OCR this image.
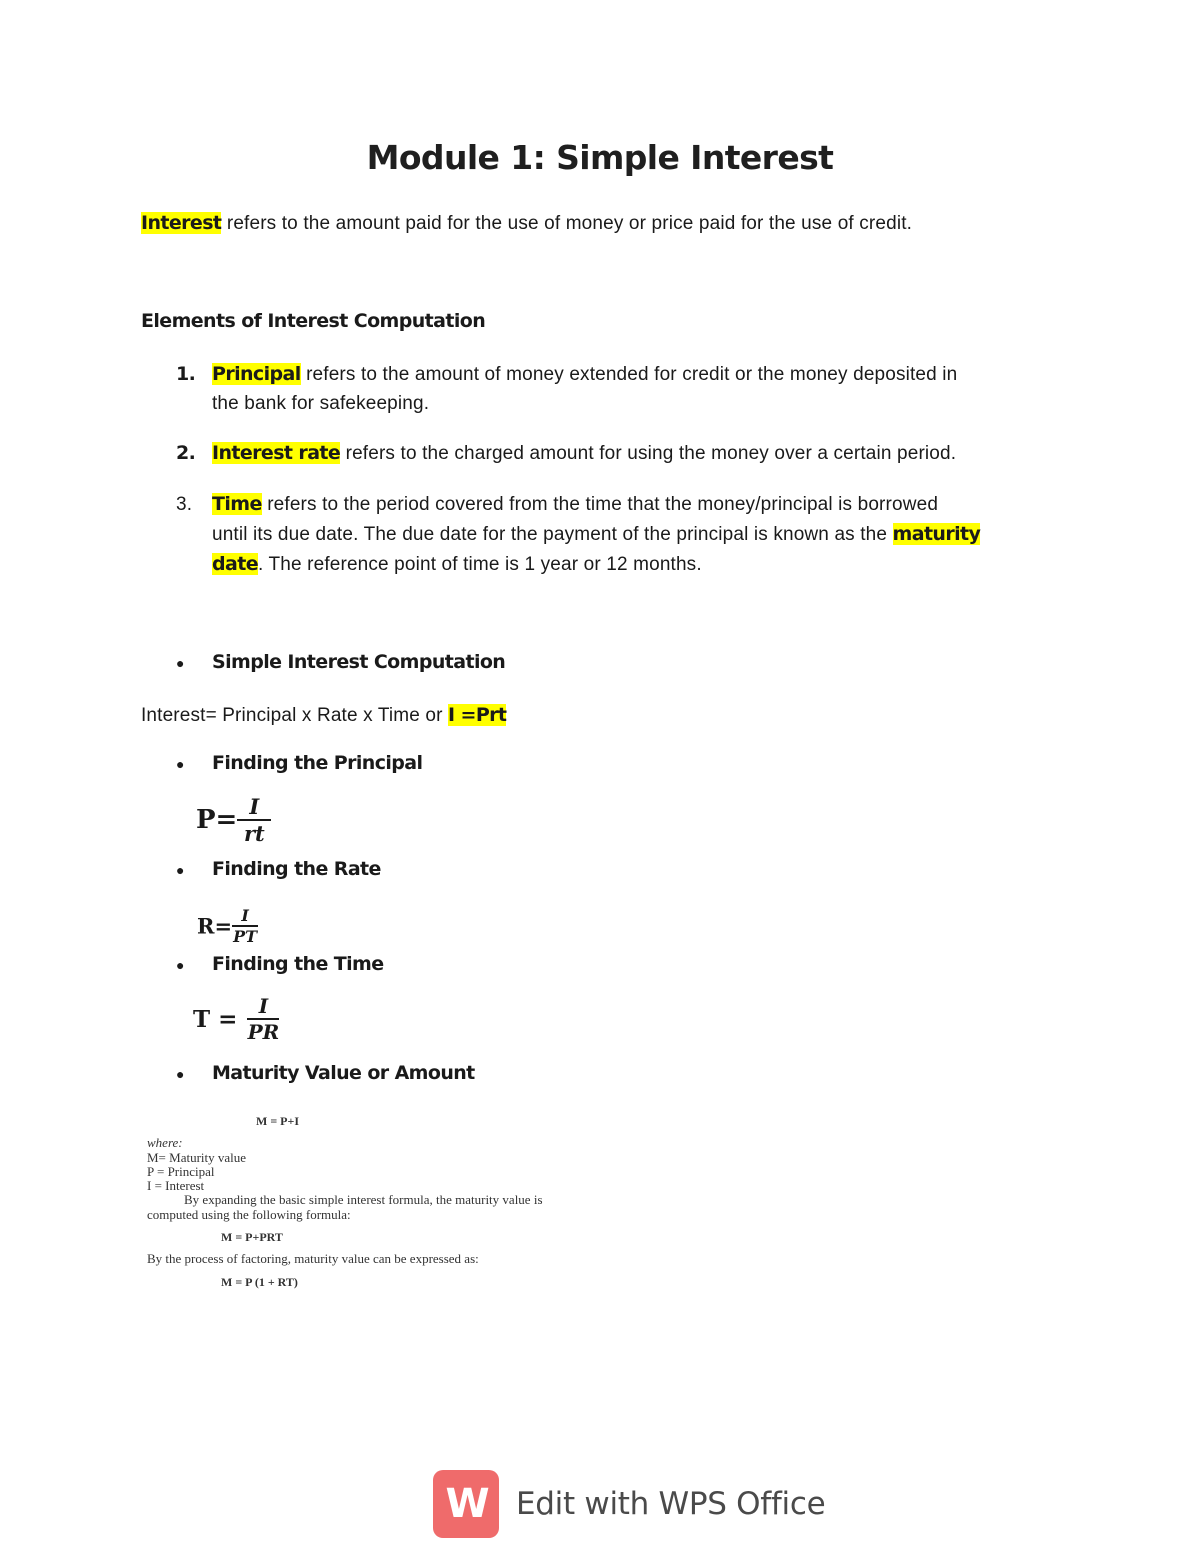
Module 1: Simple Interest
Interest refers to the amount paid for the use of money or price paid for the use of credit.
Elements of Interest Computation
1. Principal refers to the amount of money extended for credit or the money deposited in
the bank for safekeeping.
2. Interest rate refers to the charged amount for using the money over a certain period.
3. Time refers to the period covered from the time that the money/principal is borrowed
until its due date. The due date for the payment of the principal is known as the maturity
date. The reference point of time is 1 year or 12 months.
● Simple Interest Computation
Interest= Principal x Rate x Time or I =Prt
● Finding the Principal
$P= \frac{I}{rt}$
● Finding the Rate
$R= \frac{I}{PT}$
● Finding the Time
$T = \frac{I}{PR}$
● Maturity Value or Amount
M = P+I
where:
M= Maturity value
P = Principal
I = Interest
By expanding the basic simple interest formula, the maturity value is
computed using the following formula:
M = P+PRT
By the process of factoring, maturity value can be expressed as:
M = P (1 + RT)
W Edit with WPS Office
